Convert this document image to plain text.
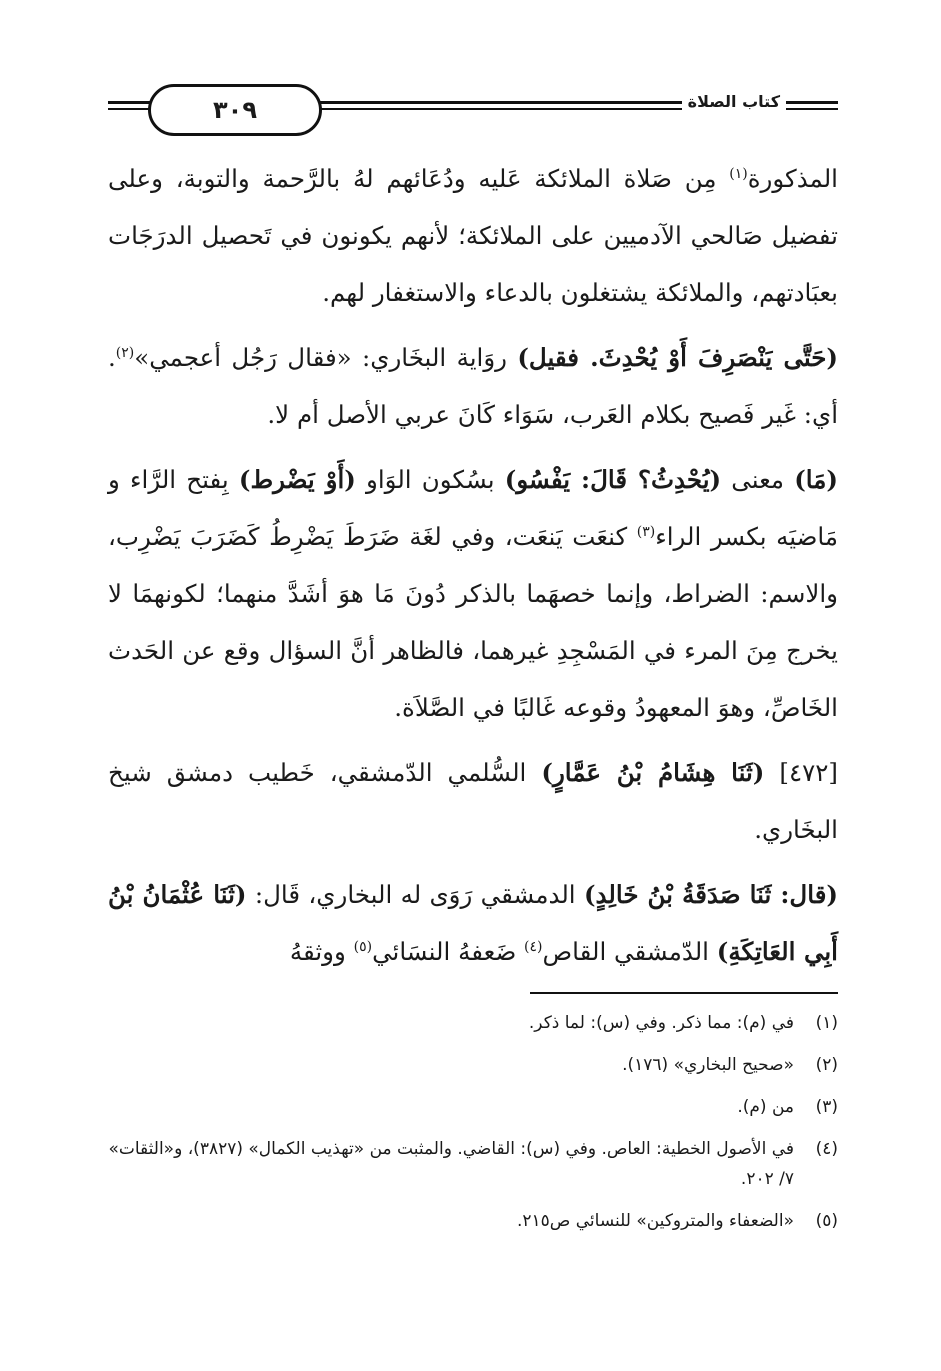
٣٠٩	كتاب الصلاة

المذكورة$^{(١)}$ مِن صَلاة الملائكة عَليه ودُعَائهم لهُ بالرَّحمة والتوبة، وعلى تفضيل صَالحي الآدميين على الملائكة؛ لأنهم يكونون في تَحصيل الدرَجَات بعبَادتهم، والملائكة يشتغلون بالدعاء والاستغفار لهم.

(حَتَّى يَنْصَرِفَ أَوْ يُحْدِثَ. فقيل) روَاية البخَاري: «فقال رَجُل أعجمي»$^{(٢)}$. أي: غَير فَصيح بكلام العَرب، سَوَاء كَانَ عربي الأصل أم لا.

(مَا) معنى (يُحْدِثُ؟ قَالَ: يَفْسُو) بسُكون الوَاو (أَوْ يَضْرط) بِفتح الرَّاء و مَاضيَه بكسر الراء$^{(٣)}$ كنعَت يَنعَت، وفي لغَة ضَرَطَ يَضْرِطُ كَضَرَبَ يَضْرِب، والاسم: الضراط، وإنما خصهَما بالذكر دُونَ مَا هوَ أشَدَّ منهما؛ لكونهمَا لا يخرج مِنَ المرء في المَسْجِدِ غيرهما، فالظاهر أنَّ السؤال وقع عن الحَدث الخَاصِّ، وهوَ المعهودُ وقوعه غَالبًا في الصَّلاَة.

[٤٧٢] (ثَنَا هِشَامُ بْنُ عَمَّارٍ) السُّلمي الدّمشقي، خَطيب دمشق شيخ البخَاري.

(قال: ثَنَا صَدَقَةُ بْنُ خَالِدٍ) الدمشقي رَوَى له البخاري، قَال: (ثَنَا عُثْمَانُ بْنُ أَبِي العَاتِكَةِ) الدّمشقي القاص$^{(٤)}$ ضَعفهُ النسَائي$^{(٥)}$ ووثقهُ

(١)
في (م): مما ذكر. وفي (س): لما ذكر.
(٢)
«صحيح البخاري» (١٧٦).
(٣)
من (م).
(٤)
في الأصول الخطية: العاص. وفي (س): القاضي. والمثبت من «تهذيب الكمال» (٣٨٢٧)، و«الثقات» ٧/ ٢٠٢.
(٥)
«الضعفاء والمتروكين» للنسائي ص٢١٥.
